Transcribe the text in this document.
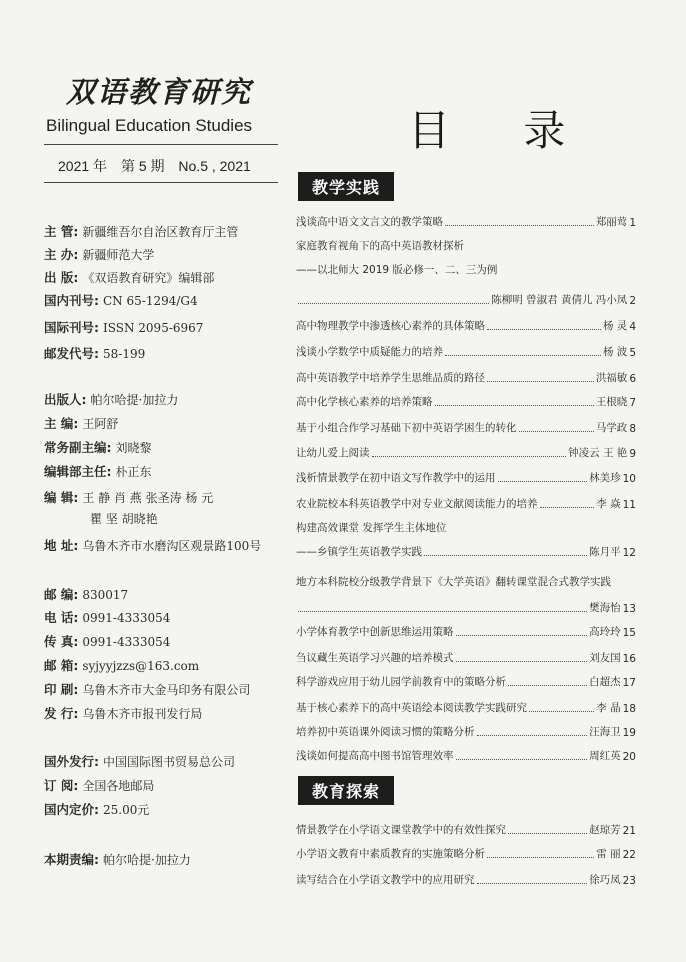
双语教育研究
Bilingual Education Studies
2021 年 第 5 期 No.5 , 2021
主 管: 新疆维吾尔自治区教育厅主管
主 办: 新疆师范大学
出 版: 《双语教育研究》编辑部
国内刊号: CN 65-1294/G4
国际刊号: ISSN 2095-6967
邮发代号: 58-199
出版人: 帕尔哈提·加拉力
主 编: 王阿舒
常务副主编: 刘晓黎
编辑部主任: 朴正东
编 辑: 王 静 肖 燕 张圣涛 杨 元
瞿 坚 胡晓艳
地 址: 乌鲁木齐市水磨沟区观景路100号
邮 编: 830017
电 话: 0991-4333054
传 真: 0991-4333054
邮 箱: syjyyjzzs@163.com
印 刷: 乌鲁木齐市大金马印务有限公司
发 行: 乌鲁木齐市报刊发行局
国外发行: 中国国际图书贸易总公司
订 阅: 全国各地邮局
国内定价: 25.00元
本期责编: 帕尔哈提·加拉力
目 录
教学实践
浅谈高中语文文言文的教学策略	郑丽莺 1
家庭教育视角下的高中英语教材探析
——以北师大 2019 版必修一、二、三为例
陈柳明 曾淑君 黄倩儿 冯小凤 2
高中物理教学中渗透核心素养的具体策略	杨 灵 4
浅谈小学数学中质疑能力的培养	杨 波 5
高中英语教学中培养学生思维品质的路径	洪福敏 6
高中化学核心素养的培养策略	王根晓 7
基于小组合作学习基础下初中英语学困生的转化	马学政 8
让幼儿爱上阅读	钟凌云 王 艳 9
浅析情景教学在初中语文写作教学中的运用	林美珍 10
农业院校本科英语教学中对专业文献阅读能力的培养	李 焱 11
构建高效课堂 发挥学生主体地位
——乡镇学生英语教学实践	陈月平 12
地方本科院校分级教学背景下《大学英语》翻转课堂混合式教学实践
樊海怡 13
小学体育教学中创新思维运用策略	高玲玲 15
刍议藏生英语学习兴趣的培养模式	刘友国 16
科学游戏应用于幼儿园学前教育中的策略分析	白超杰 17
基于核心素养下的高中英语绘本阅读教学实践研究	李 晶 18
培养初中英语课外阅读习惯的策略分析	汪海卫 19
浅谈如何提高高中图书馆管理效率	周红英 20
教育探索
情景教学在小学语文课堂教学中的有效性探究	赵琼芳 21
小学语文教育中素质教育的实施策略分析	雷 丽 22
读写结合在小学语文教学中的应用研究	徐巧凤 23
